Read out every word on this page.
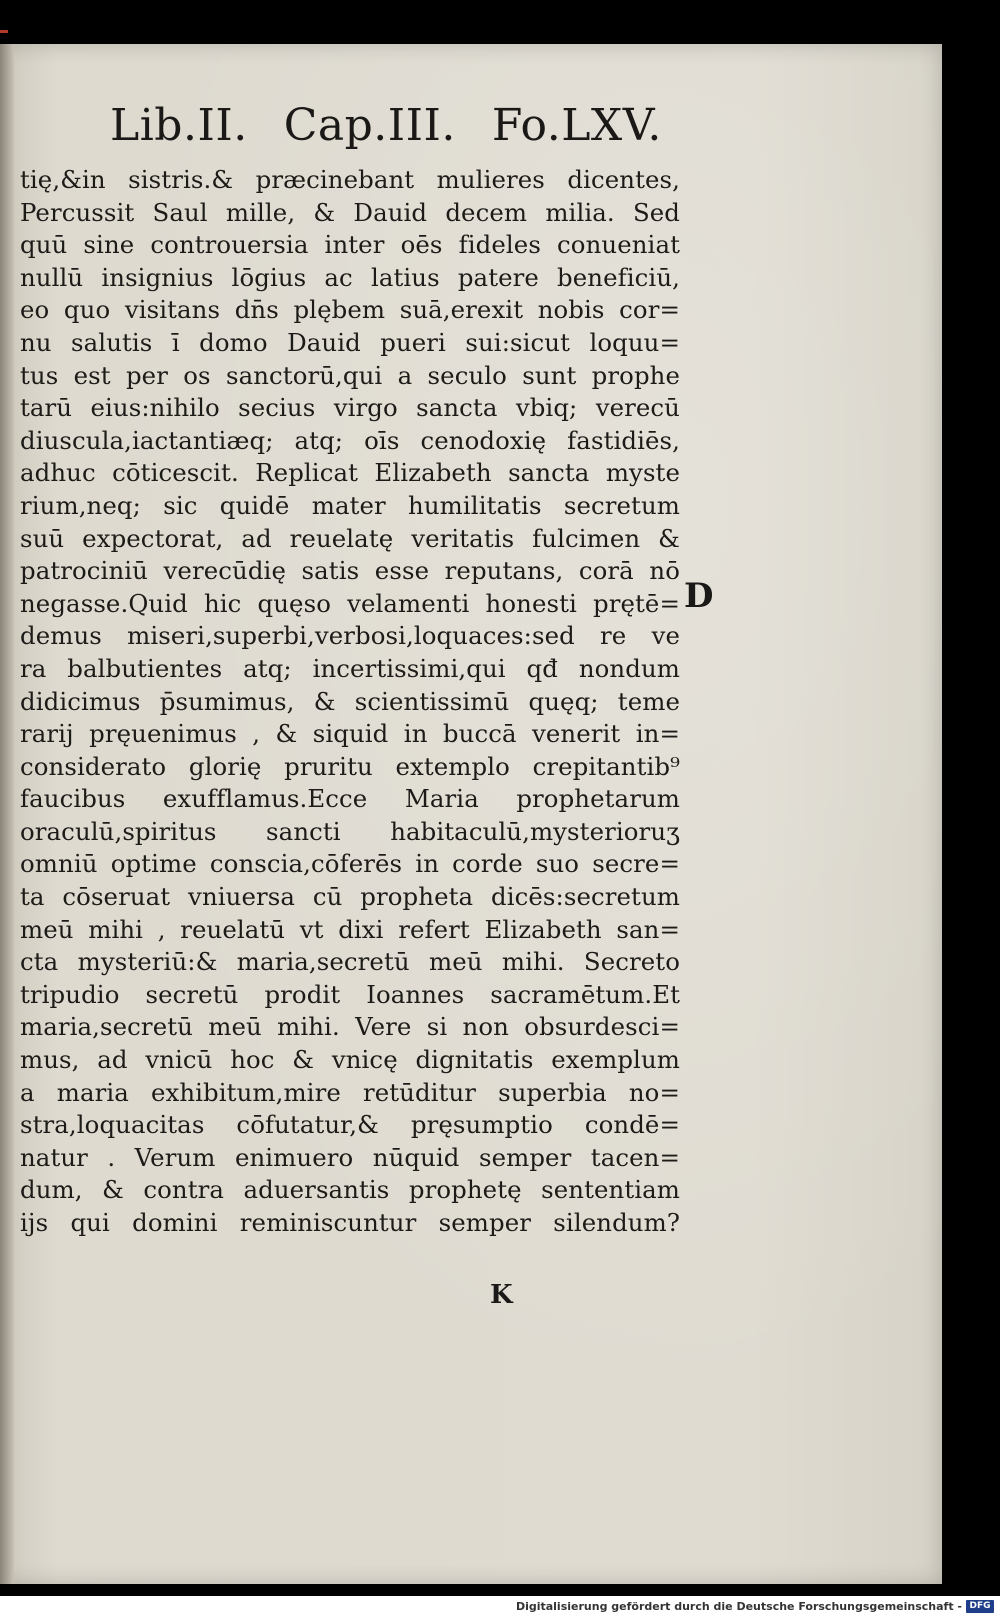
Lib.II. Cap.III. Fo.LXV.
tię,&in sistris.& præcinebant mulieres dicentes,
Percussit Saul mille, & Dauid decem milia. Sed
quū sine controuersia inter oēs fideles conueniat
nullū insignius lōgius ac latius patere beneficiū,
eo quo visitans dn̄s plębem suā,erexit nobis cor=
nu salutis ī domo Dauid pueri sui:sicut loquu=
tus est per os sanctorū,qui a seculo sunt prophe
tarū eius:nihilo secius virgo sancta vbiq; verecū
diuscula,iactantiæq; atq; oīs cenodoxię fastidiēs,
adhuc cōticescit. Replicat Elizabeth sancta myste
rium,neq; sic quidē mater humilitatis secretum
suū expectorat, ad reuelatę veritatis fulcimen &
patrociniū verecūdię satis esse reputans, corā nō
negasse.Quid hic quęso velamenti honesti prętē=
demus miseri,superbi,verbosi,loquaces:sed re ve
ra balbutientes atq; incertissimi,qui qđ nondum
didicimus p̄sumimus, & scientissimū quęq; teme
rarij pręuenimus , & siquid in buccā venerit in=
considerato glorię pruritu extemplo crepitantib⁹
faucibus exufflamus.Ecce Maria prophetarum
oraculū,spiritus sancti habitaculū,mysterioruʒ
omniū optime conscia,cōferēs in corde suo secre=
ta cōseruat vniuersa cū propheta dicēs:secretum
meū mihi , reuelatū vt dixi refert Elizabeth san=
cta mysteriū:& maria,secretū meū mihi. Secreto
tripudio secretū prodit Ioannes sacramētum.Et
maria,secretū meū mihi. Vere si non obsurdesci=
mus, ad vnicū hoc & vnicę dignitatis exemplum
a maria exhibitum,mire retūditur superbia no=
stra,loquacitas cōfutatur,& pręsumptio condē=
natur . Verum enimuero nūquid semper tacen=
dum, & contra aduersantis prophetę sententiam
ijs qui domini reminiscuntur semper silendum?
D
K
Digitalisierung gefördert durch die Deutsche Forschungsgemeinschaft - DFG
